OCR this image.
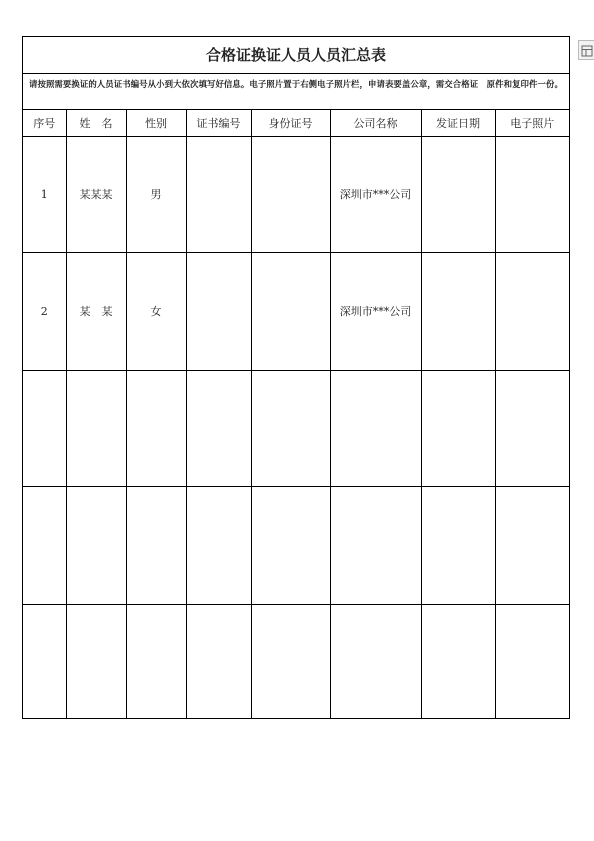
合格证换证人员人员汇总表
请按照需要换证的人员证书编号从小到大依次填写好信息。电子照片置于右侧电子照片栏，申请表要盖公章，需交合格证　原件和复印件一份。
序号	姓　名	性别	证书编号	身份证号	公司名称	发证日期	电子照片
1	某某某	男			深圳市***公司		
2	某　某	女			深圳市***公司		
